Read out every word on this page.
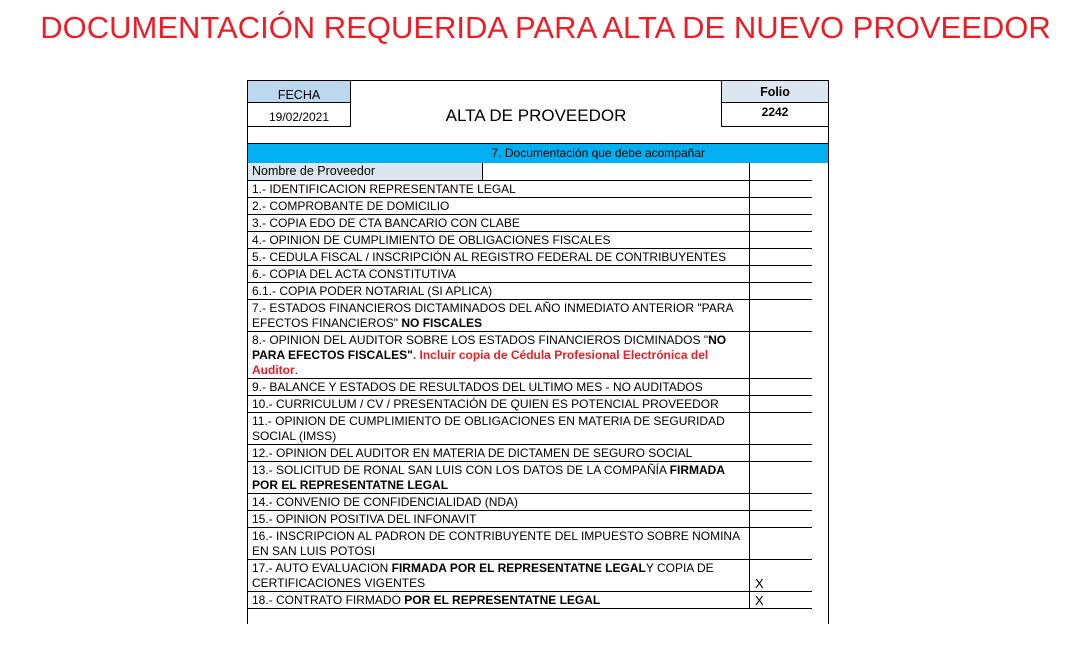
DOCUMENTACIÓN REQUERIDA PARA ALTA DE NUEVO PROVEEDOR
FECHA
19/02/2021	ALTA DE PROVEEDOR
Folio
2242
7. Documentación que debe acompañar
Nombre de Proveedor
1.- IDENTIFICACION REPRESENTANTE LEGAL
2.- COMPROBANTE DE DOMICILIO
3.- COPIA EDO DE CTA BANCARIO CON CLABE
4.- OPINION DE CUMPLIMIENTO DE OBLIGACIONES FISCALES
5.- CEDULA FISCAL / INSCRIPCIÓN AL REGISTRO FEDERAL DE CONTRIBUYENTES
6.- COPIA DEL ACTA CONSTITUTIVA
6.1.- COPIA PODER NOTARIAL (SI APLICA)
7.- ESTADOS FINANCIEROS DICTAMINADOS DEL AÑO INMEDIATO ANTERIOR "PARA EFECTOS FINANCIEROS" NO FISCALES
8.- OPINION DEL AUDITOR SOBRE LOS ESTADOS FINANCIEROS DICMINADOS "NO PARA EFECTOS FISCALES". Incluir copia de Cédula Profesional Electrónica del Auditor.
9.- BALANCE Y ESTADOS DE RESULTADOS DEL ULTIMO MES - NO AUDITADOS
10.- CURRICULUM / CV / PRESENTACIÓN DE QUIEN ES POTENCIAL PROVEEDOR
11.- OPINION DE CUMPLIMIENTO DE OBLIGACIONES EN MATERIA DE SEGURIDAD SOCIAL (IMSS)
12.- OPINION DEL AUDITOR EN MATERIA DE DICTAMEN DE SEGURO SOCIAL
13.- SOLICITUD DE RONAL SAN LUIS CON LOS DATOS DE LA COMPAÑÍA FIRMADA POR EL REPRESENTATNE LEGAL
14.- CONVENIO DE CONFIDENCIALIDAD (NDA)
15.- OPINION POSITIVA DEL INFONAVIT
16.- INSCRIPCION AL PADRON DE CONTRIBUYENTE DEL IMPUESTO SOBRE NOMINA EN SAN LUIS POTOSI
17.- AUTO EVALUACION FIRMADA POR EL REPRESENTATNE LEGALY COPIA DE CERTIFICACIONES VIGENTES	X
18.- CONTRATO FIRMADO POR EL REPRESENTATNE LEGAL	X
